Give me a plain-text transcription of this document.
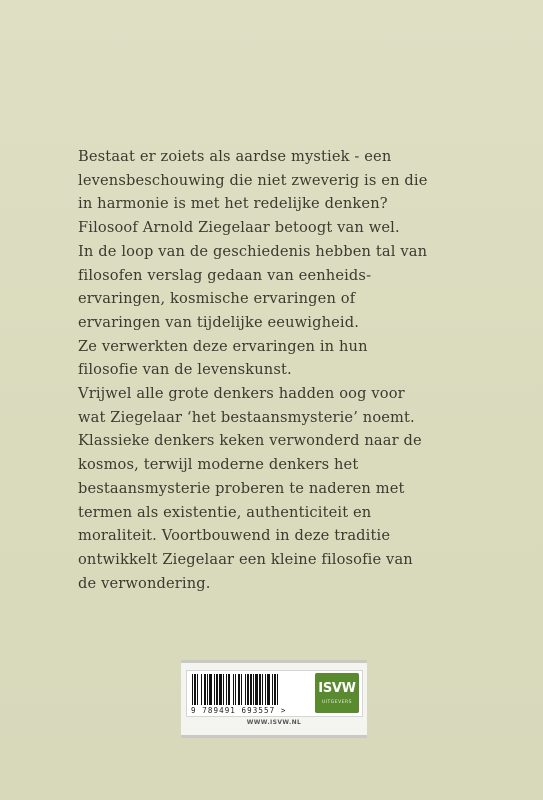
Bestaat er zoiets als aardse mystiek - een
levensbeschouwing die niet zweverig is en die
in harmonie is met het redelijke denken?
Filosoof Arnold Ziegelaar betoogt van wel.
In de loop van de geschiedenis hebben tal van
filosofen verslag gedaan van eenheids-
ervaringen, kosmische ervaringen of
ervaringen van tijdelijke eeuwigheid.
Ze verwerkten deze ervaringen in hun
filosofie van de levenskunst.
Vrijwel alle grote denkers hadden oog voor
wat Ziegelaar ‘het bestaansmysterie’ noemt.
Klassieke denkers keken verwonderd naar de
kosmos, terwijl moderne denkers het
bestaansmysterie proberen te naderen met
termen als existentie, authenticiteit en
moraliteit. Voortbouwend in deze traditie
ontwikkelt Ziegelaar een kleine filosofie van
de verwondering.
9 789491 693557 >
ISVW
UITGEVERS
WWW.ISVW.NL
